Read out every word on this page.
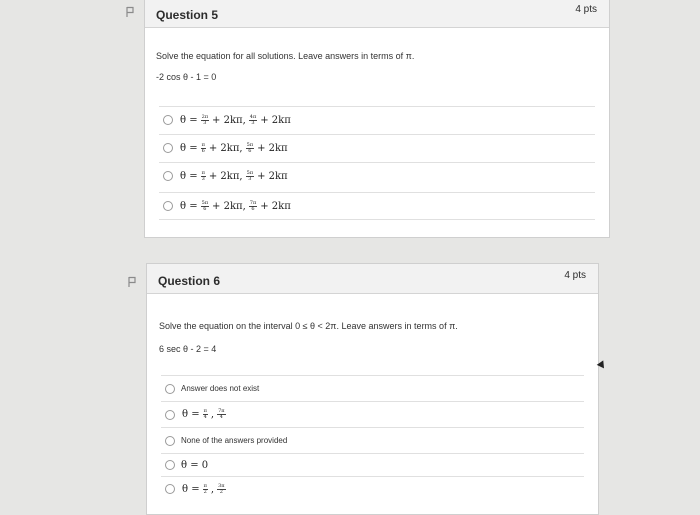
Question 5	4 pts
Solve the equation for all solutions. Leave answers in terms of π.
-2 cos θ - 1 = 0
$\theta = \frac{2\pi}{3} + 2k\pi$, $\frac{4\pi}{3} + 2k\pi$
$\theta = \frac{\pi}{6} + 2k\pi$, $\frac{5\pi}{6} + 2k\pi$
$\theta = \frac{\pi}{3} + 2k\pi$, $\frac{5\pi}{3} + 2k\pi$
$\theta = \frac{5\pi}{6} + 2k\pi$, $\frac{7\pi}{6} + 2k\pi$
Question 6	4 pts
Solve the equation on the interval 0 ≤ θ < 2π. Leave answers in terms of π.
6 sec θ - 2 = 4
Answer does not exist
$\theta = \frac{\pi}{4}$ , $\frac{7\pi}{4}$
None of the answers provided
θ = 0
$\theta = \frac{\pi}{2}$ , $\frac{3\pi}{2}$
